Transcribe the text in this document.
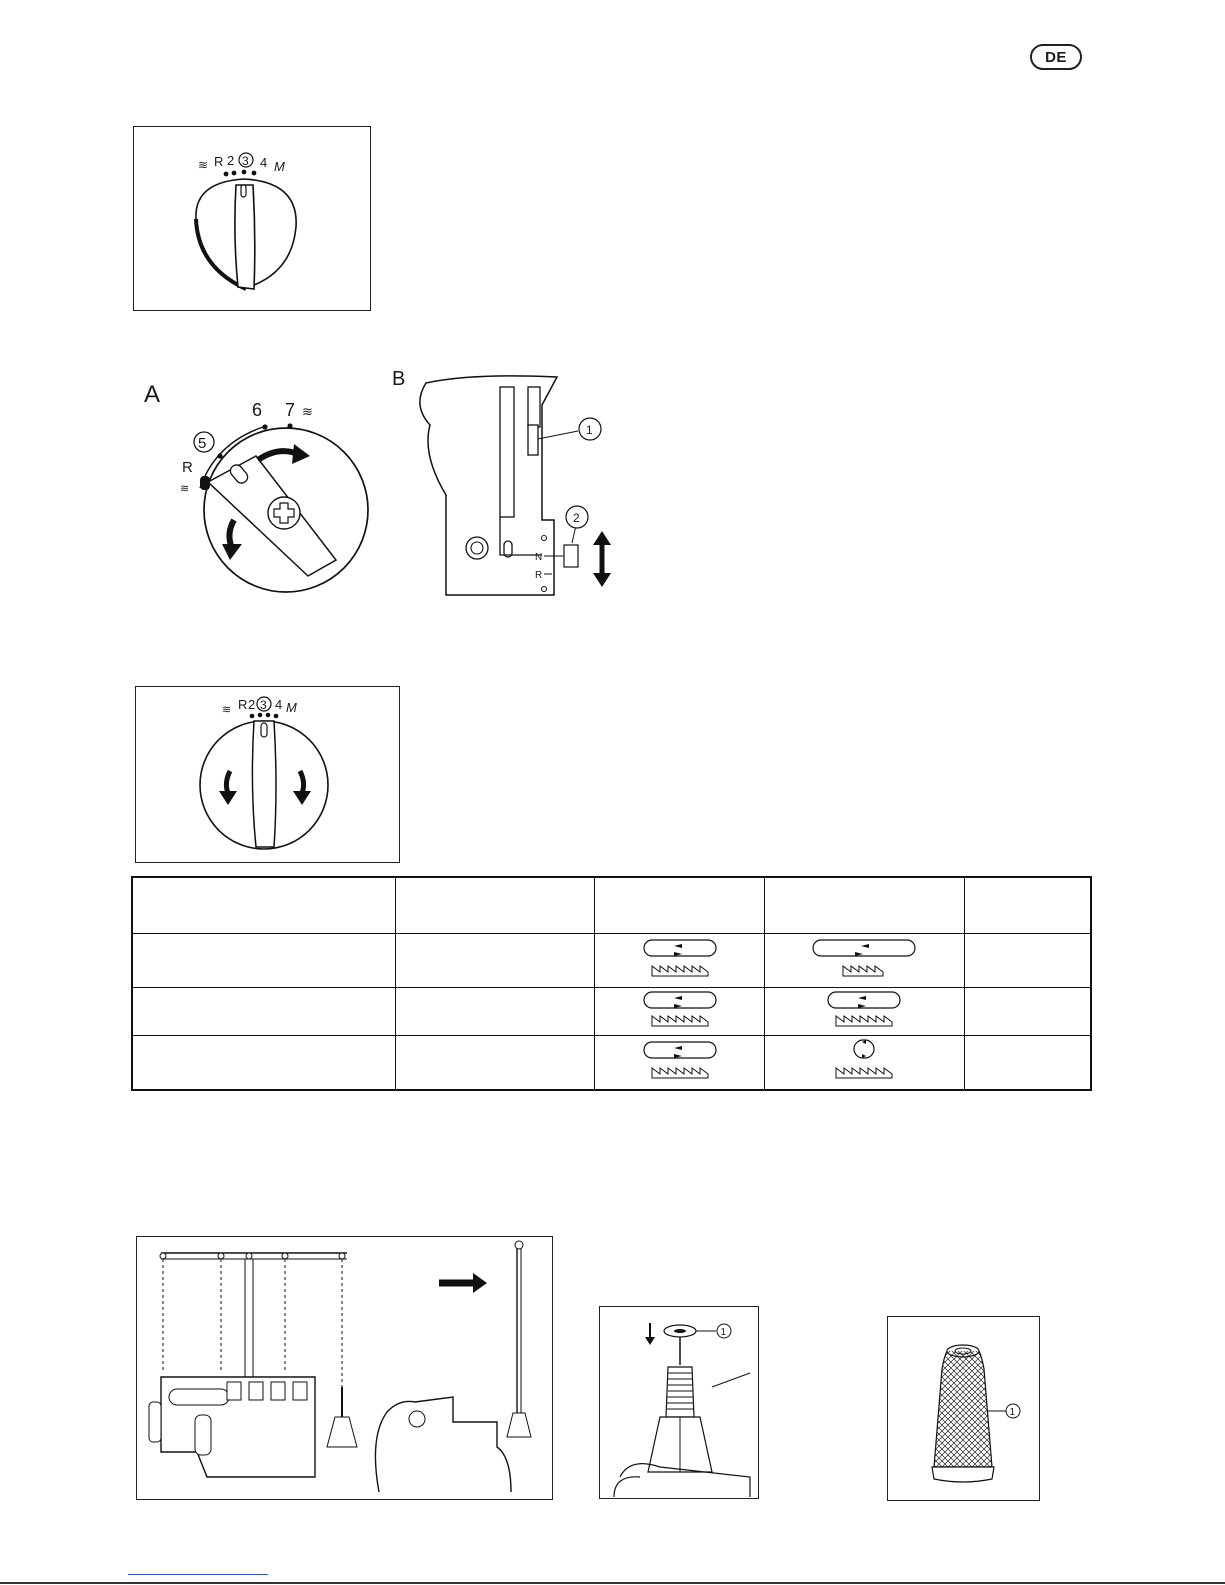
DE
≋ R 2 3 4 M
A
R
≋
5
6 7 ≋
B
1
N
R
2
≋ R 2 3 4 M

1
1
